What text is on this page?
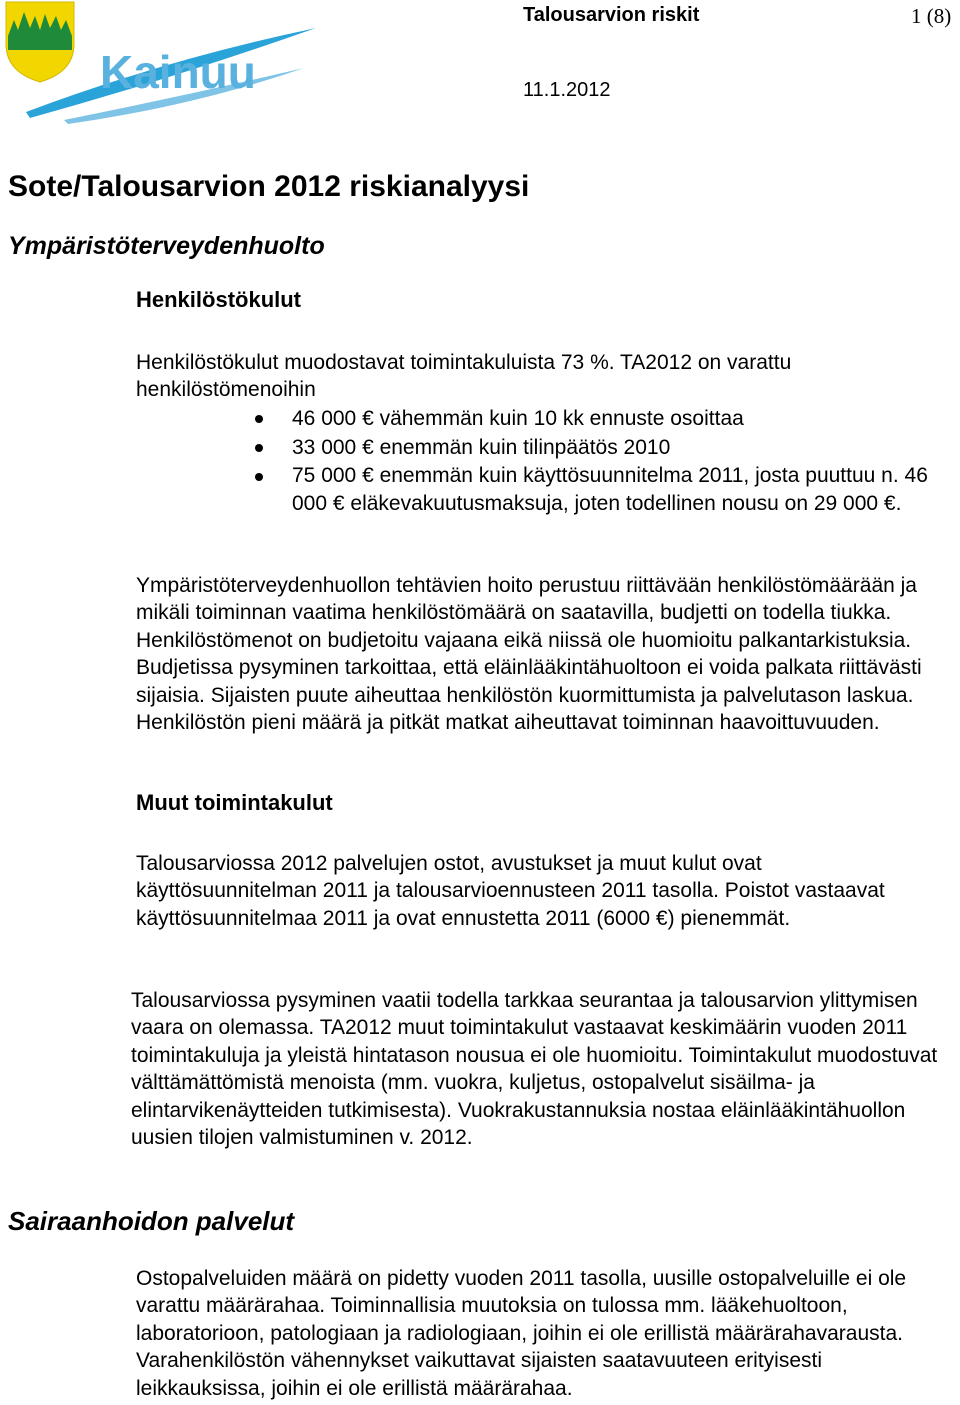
Kainuu
Talousarvion riskit	1 (8)
11.1.2012
Sote/Talousarvion 2012 riskianalyysi
Ympäristöterveydenhuolto
Henkilöstökulut

Henkilöstökulut muodostavat toimintakuluista 73 %. TA2012 on varattu henkilöstömenoihin

46 000 € vähemmän kuin 10 kk ennuste osoittaa
33 000 € enemmän kuin tilinpäätös 2010
75 000 € enemmän kuin käyttösuunnitelma 2011, josta puuttuu n. 46 000 € eläkevakuutusmaksuja, joten todellinen nousu on 29 000 €.

Ympäristöterveydenhuollon tehtävien hoito perustuu riittävään henkilöstömäärään ja mikäli toiminnan vaatima henkilöstömäärä on saatavilla, budjetti on todella tiukka. Henkilöstömenot on budjetoitu vajaana eikä niissä ole huomioitu palkantarkistuksia. Budjetissa pysyminen tarkoittaa, että eläinlääkintähuoltoon ei voida palkata riittävästi sijaisia. Sijaisten puute aiheuttaa henkilöstön kuormittumista ja palvelutason laskua. Henkilöstön pieni määrä ja pitkät matkat aiheuttavat toiminnan haavoittuvuuden.

Muut toimintakulut

Talousarviossa 2012 palvelujen ostot, avustukset ja muut kulut ovat käyttösuunnitelman 2011 ja talousarvioennusteen 2011 tasolla. Poistot vastaavat käyttösuunnitelmaa 2011 ja ovat ennustetta 2011 (6000 €) pienemmät.

Talousarviossa pysyminen vaatii todella tarkkaa seurantaa ja talousarvion ylittymisen vaara on olemassa. TA2012 muut toimintakulut vastaavat keskimäärin vuoden 2011 toimintakuluja ja yleistä hintatason nousua ei ole huomioitu. Toimintakulut muodostuvat välttämättömistä menoista (mm. vuokra, kuljetus, ostopalvelut sisäilma- ja elintarvikenäytteiden tutkimisesta). Vuokrakustannuksia nostaa eläinlääkintähuollon uusien tilojen valmistuminen v. 2012.

Sairaanhoidon palvelut

Ostopalveluiden määrä on pidetty vuoden 2011 tasolla, uusille ostopalveluille ei ole varattu määrärahaa. Toiminnallisia muutoksia on tulossa mm. lääkehuoltoon, laboratorioon, patologiaan ja radiologiaan, joihin ei ole erillistä määrärahavarausta. Varahenkilöstön vähennykset vaikuttavat sijaisten saatavuuteen erityisesti leikkauksissa, joihin ei ole erillistä määrärahaa.
